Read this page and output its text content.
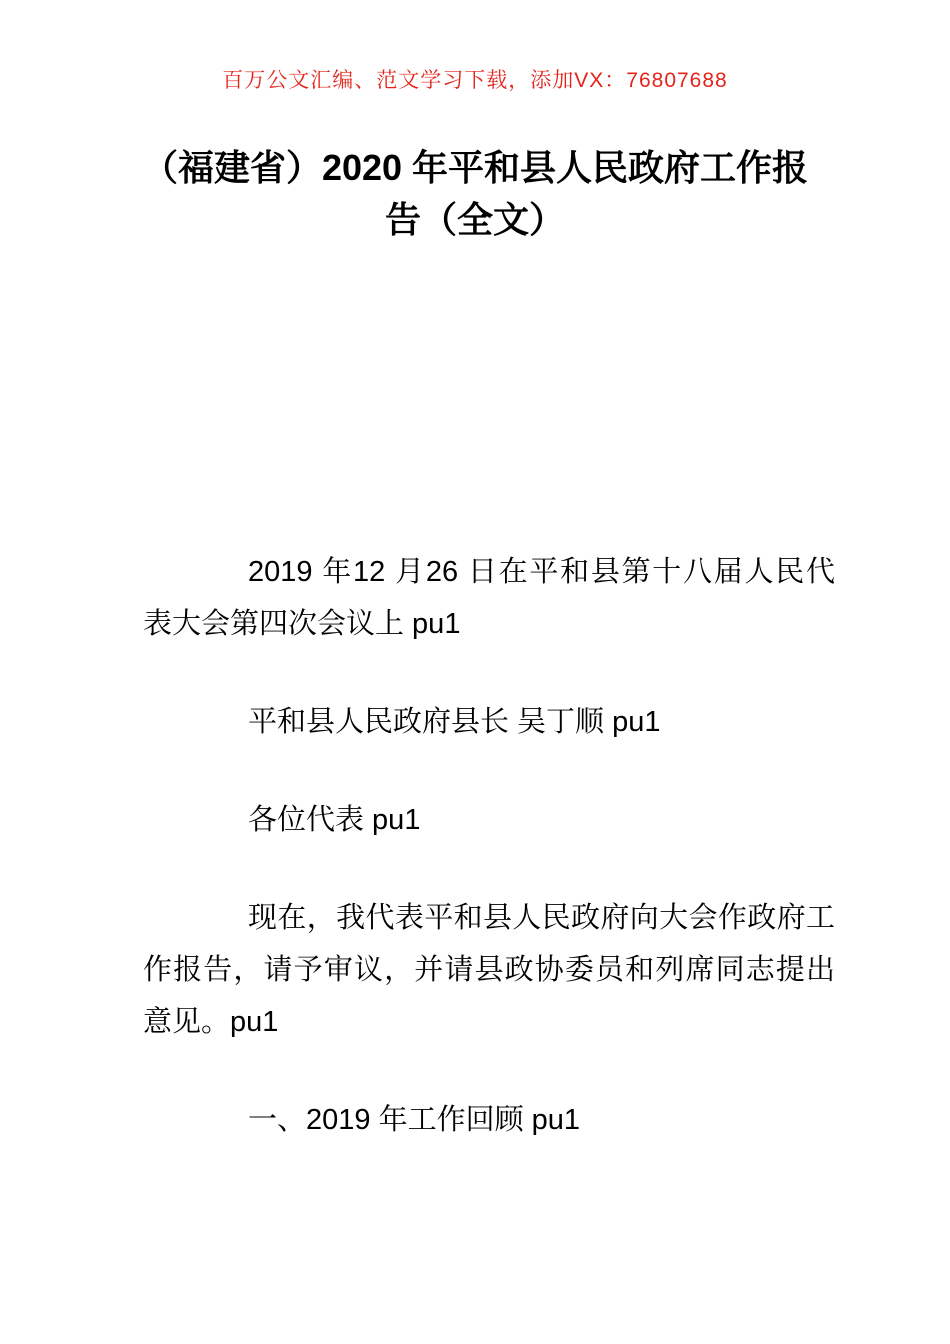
百万公文汇编、范文学习下载，添加VX：76807688
（福建省）2020 年平和县人民政府工作报告（全文）

2019 年12 月26 日在平和县第十八届人民代表大会第四次会议上 pu1

平和县人民政府县长 吴丁顺 pu1

各位代表 pu1

现在，我代表平和县人民政府向大会作政府工作报告，请予审议，并请县政协委员和列席同志提出意见。pu1

一、2019 年工作回顾 pu1
